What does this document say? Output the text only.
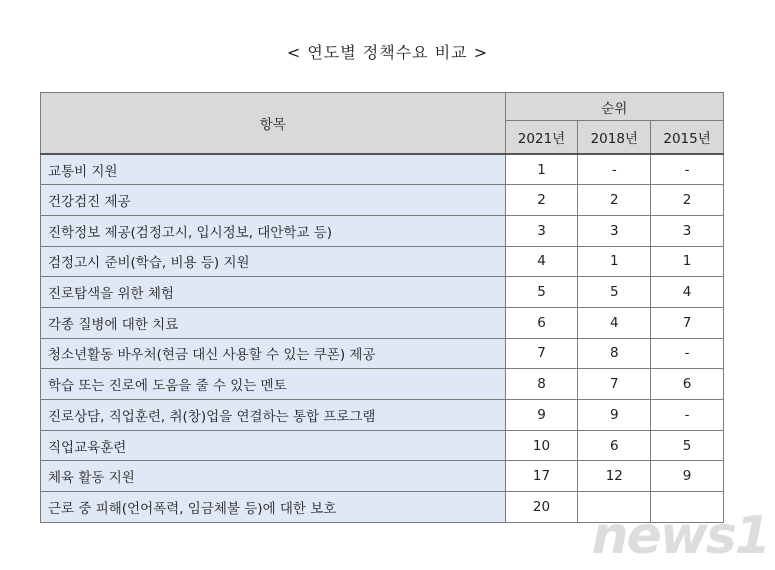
< 연도별 정책수요 비교 >
항목	순위		
	2021년	2018년	2015년
교통비 지원	1	-	-
건강검진 제공	2	2	2
진학정보 제공(검정고시, 입시정보, 대안학교 등)	3	3	3
검정고시 준비(학습, 비용 등) 지원	4	1	1
진로탐색을 위한 체험	5	5	4
각종 질병에 대한 치료	6	4	7
청소년활동 바우처(현금 대신 사용할 수 있는 쿠폰) 제공	7	8	-
학습 또는 진로에 도움을 줄 수 있는 멘토	8	7	6
진로상담, 직업훈련, 취(창)업을 연결하는 통합 프로그램	9	9	-
직업교육훈련	10	6	5
체육 활동 지원	17	12	9
근로 중 피해(언어폭력, 임금체불 등)에 대한 보호	20		news1
